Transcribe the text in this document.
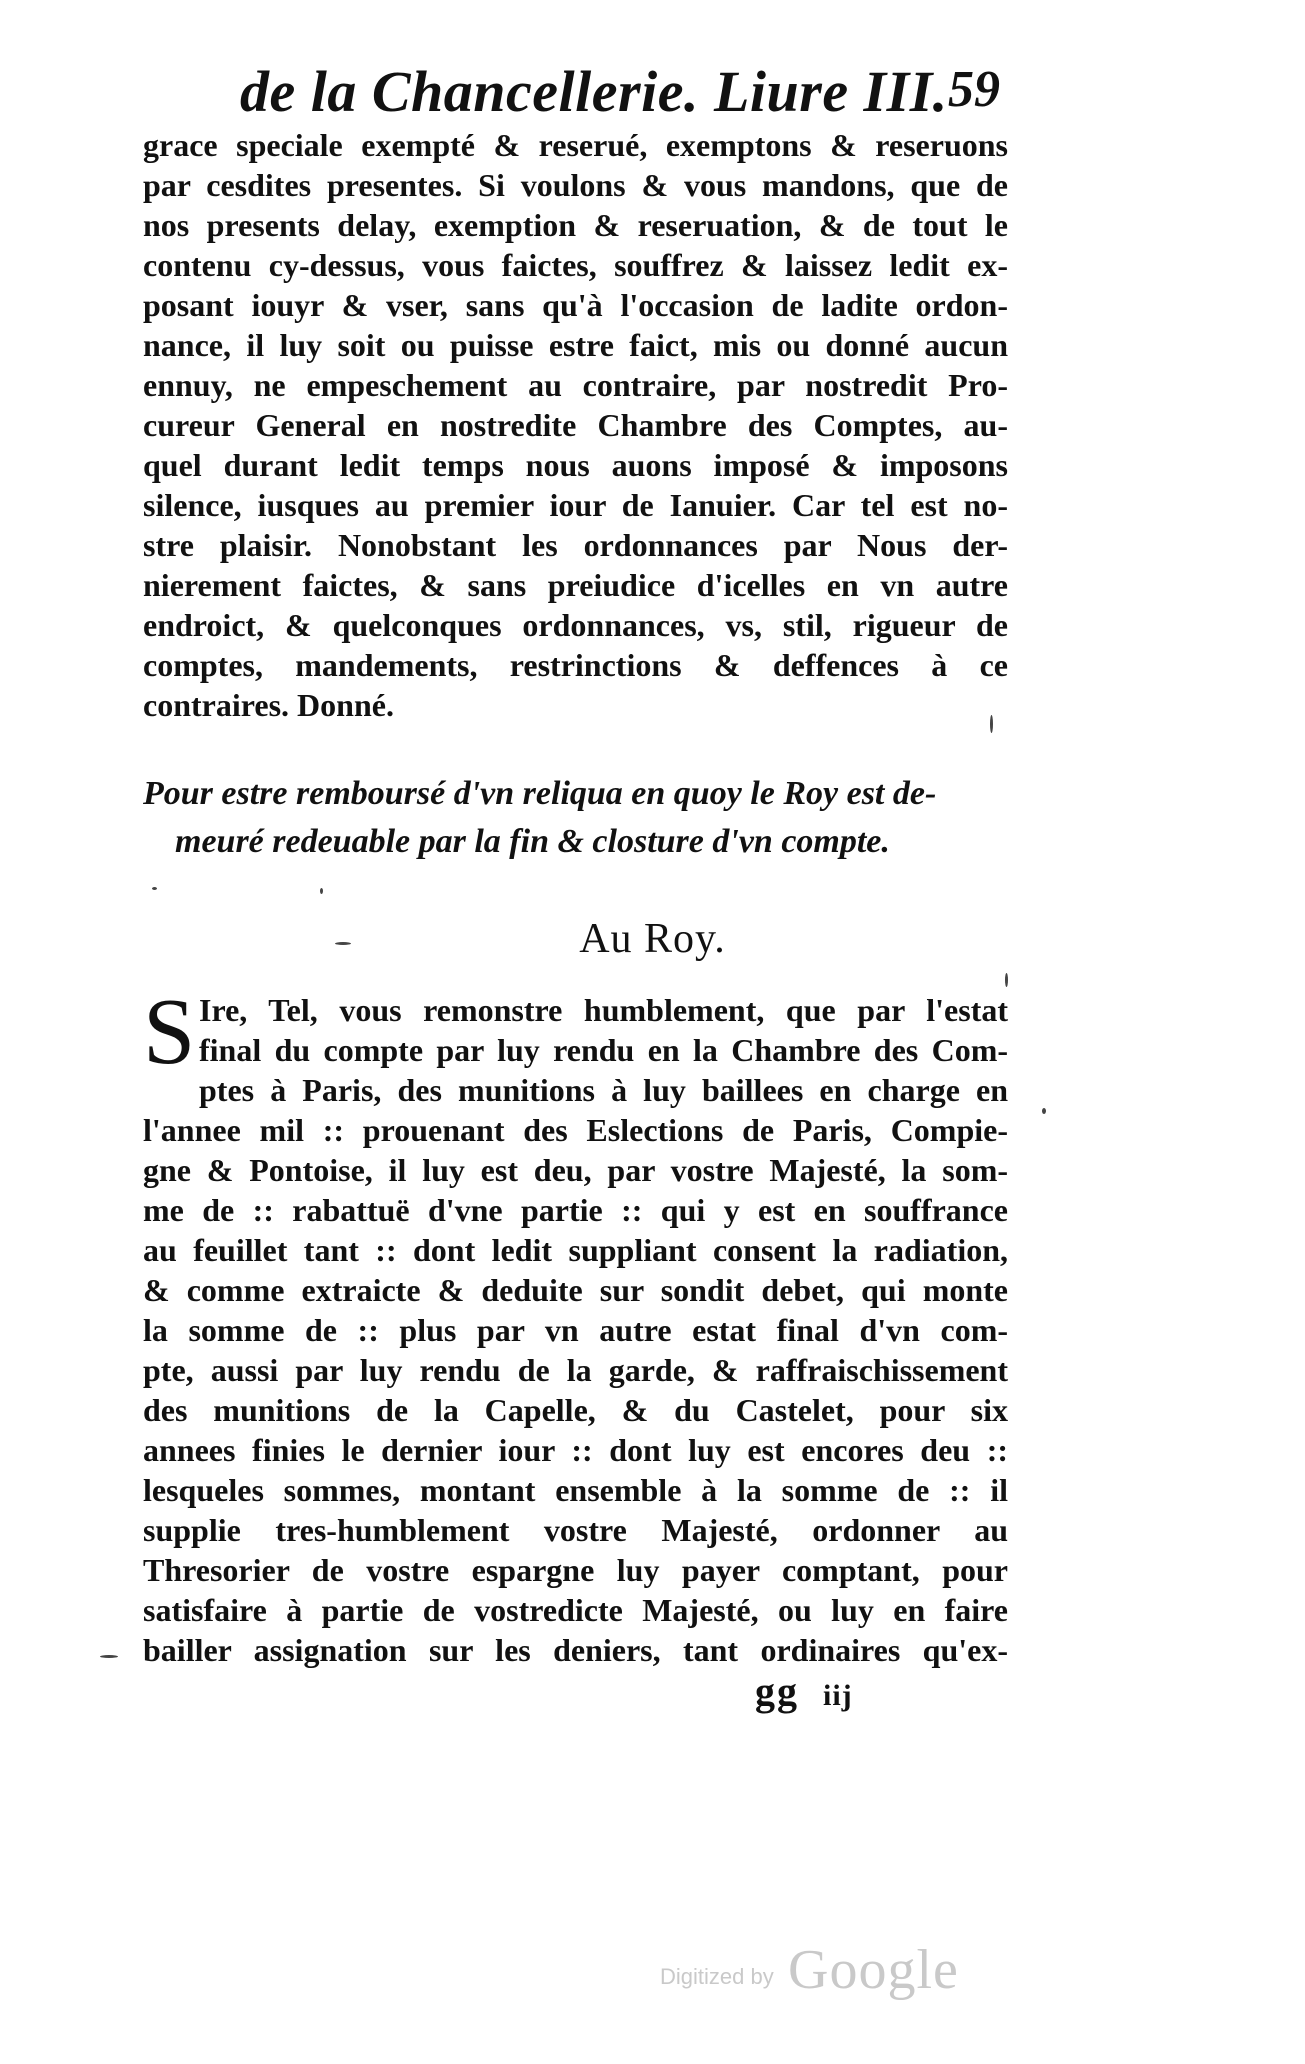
de la Chancellerie. Liure III. 59
grace speciale exempté & reserué, exemptons & reseruons
par cesdites presentes. Si voulons & vous mandons, que de
nos presents delay, exemption & reseruation, & de tout le
contenu cy-dessus, vous faictes, souffrez & laissez ledit ex-
posant iouyr & vser, sans qu'à l'occasion de ladite ordon-
nance, il luy soit ou puisse estre faict, mis ou donné aucun
ennuy, ne empeschement au contraire, par nostredit Pro-
cureur General en nostredite Chambre des Comptes, au-
quel durant ledit temps nous auons imposé & imposons
silence, iusques au premier iour de Ianuier. Car tel est no-
stre plaisir. Nonobstant les ordonnances par Nous der-
nierement faictes, & sans preiudice d'icelles en vn autre
endroict, & quelconques ordonnances, vs, stil, rigueur de
comptes, mandements, restrinctions & deffences à ce
contraires. Donné.
Pour estre remboursé d'vn reliqua en quoy le Roy est de-
meuré redeuable par la fin & closture d'vn compte.
Au Roy.
S Ire, Tel, vous remonstre humblement, que par l'estat
final du compte par luy rendu en la Chambre des Com-
ptes à Paris, des munitions à luy baillees en charge en
l'annee mil :: prouenant des Eslections de Paris, Compie-
gne & Pontoise, il luy est deu, par vostre Majesté, la som-
me de :: rabattuë d'vne partie :: qui y est en souffrance
au feuillet tant :: dont ledit suppliant consent la radiation,
& comme extraicte & deduite sur sondit debet, qui monte
la somme de :: plus par vn autre estat final d'vn com-
pte, aussi par luy rendu de la garde, & raffraischissement
des munitions de la Capelle, & du Castelet, pour six
annees finies le dernier iour :: dont luy est encores deu ::
lesqueles sommes, montant ensemble à la somme de :: il
supplie tres-humblement vostre Majesté, ordonner au
Thresorier de vostre espargne luy payer comptant, pour
satisfaire à partie de vostredicte Majesté, ou luy en faire
bailler assignation sur les deniers, tant ordinaires qu'ex-
gg iij
Digitized by Google
